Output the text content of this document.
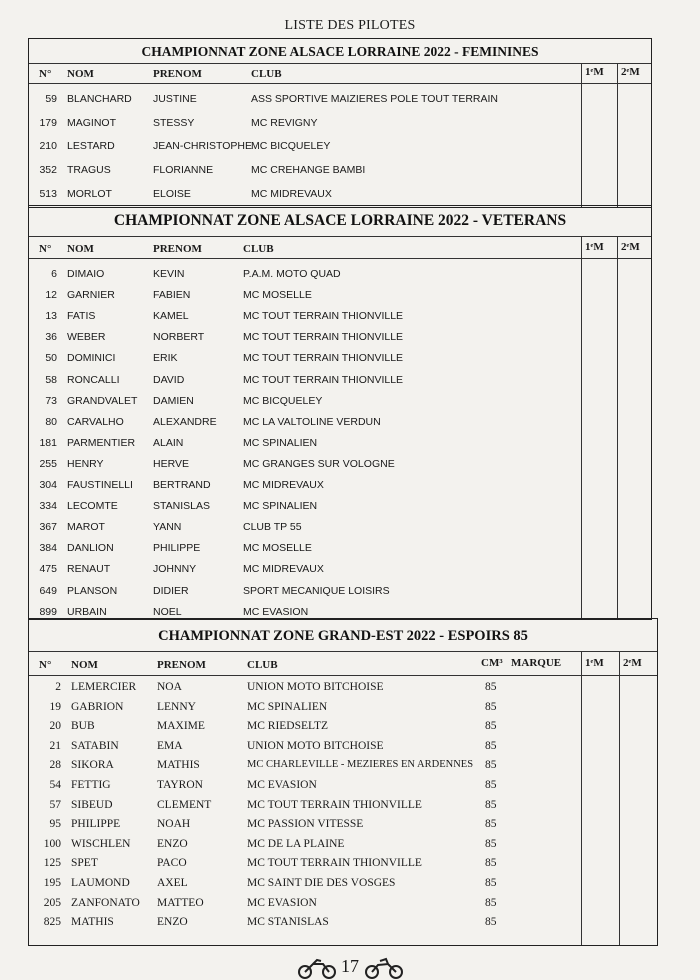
LISTE DES PILOTES
CHAMPIONNAT ZONE ALSACE LORRAINE 2022 - FEMININES
N° NOM	PRENOM	CLUB	1ᵉM 2ᵉM
59 BLANCHARD JUSTINE	ASS SPORTIVE MAIZIERES POLE TOUT TERRAIN
179 MAGINOT	STESSY	MC REVIGNY
210 LESTARD	JEAN-CHRISTOPHE MC BICQUELEY
352 TRAGUS	FLORIANNE	MC CREHANGE BAMBI
513 MORLOT	ELOISE	MC MIDREVAUX
CHAMPIONNAT ZONE ALSACE LORRAINE 2022 - VETERANS
N° NOM	PRENOM	CLUB	1ᵉM 2ᵉM
6 DIMAIO	KEVIN	P.A.M. MOTO QUAD
12 GARNIER	FABIEN	MC MOSELLE
13 FATIS	KAMEL	MC TOUT TERRAIN THIONVILLE
36 WEBER	NORBERT	MC TOUT TERRAIN THIONVILLE
50 DOMINICI	ERIK	MC TOUT TERRAIN THIONVILLE
58 RONCALLI	DAVID	MC TOUT TERRAIN THIONVILLE
73 GRANDVALET DAMIEN	MC BICQUELEY
80 CARVALHO	ALEXANDRE	MC LA VALTOLINE VERDUN
181 PARMENTIER ALAIN	MC SPINALIEN
255 HENRY	HERVE	MC GRANGES SUR VOLOGNE
304 FAUSTINELLI BERTRAND	MC MIDREVAUX
334 LECOMTE	STANISLAS	MC SPINALIEN
367 MAROT	YANN	CLUB TP 55
384 DANLION	PHILIPPE	MC MOSELLE
475 RENAUT	JOHNNY	MC MIDREVAUX
649 PLANSON	DIDIER	SPORT MECANIQUE LOISIRS
899 URBAIN	NOEL	MC EVASION
CHAMPIONNAT ZONE GRAND-EST 2022 - ESPOIRS 85
N° NOM	PRENOM	CLUB	CM³ MARQUE 1ᵉM 2ᵉM
2 LEMERCIER NOA	UNION MOTO BITCHOISE	85
19 GABRION	LENNY	MC SPINALIEN	85
20 BUB	MAXIME	MC RIEDSELTZ	85
21 SATABIN	EMA	UNION MOTO BITCHOISE	85
28 SIKORA	MATHIS	MC CHARLEVILLE - MEZIERES EN ARDENNES 85
54 FETTIG	TAYRON	MC EVASION	85
57 SIBEUD	CLEMENT	MC TOUT TERRAIN THIONVILLE	85
95 PHILIPPE	NOAH	MC PASSION VITESSE	85
100 WISCHLEN ENZO	MC DE LA PLAINE	85
125 SPET	PACO	MC TOUT TERRAIN THIONVILLE	85
195 LAUMOND AXEL	MC SAINT DIE DES VOSGES	85
205 ZANFONATO MATTEO	MC EVASION	85
825 MATHIS	ENZO	MC STANISLAS	85
17
